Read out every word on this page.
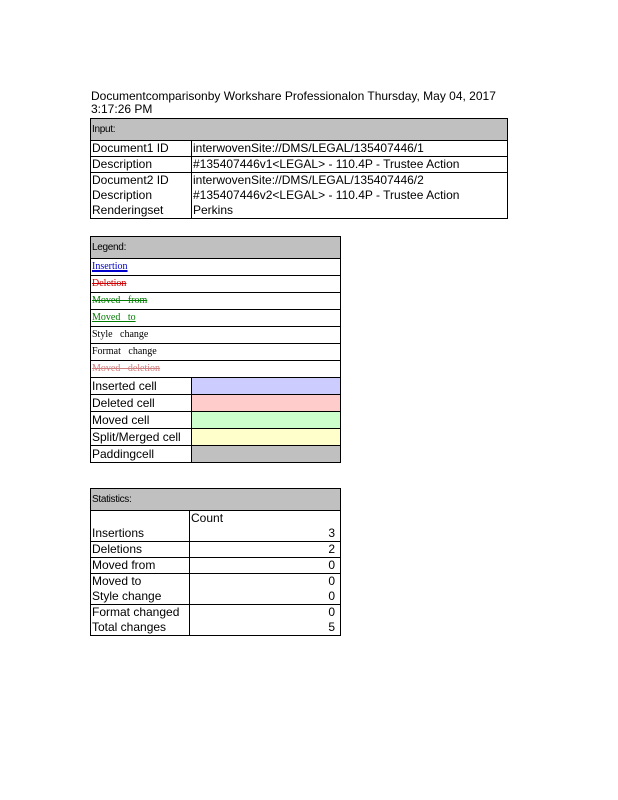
Documentcomparisonby Workshare Professionalon Thursday, May 04, 2017 3:17:26 PM
Input:	
Document1 ID	interwovenSite://DMS/LEGAL/135407446/1
Description	#135407446v1<LEGAL> - 110.4P - Trustee Action
Document2 ID	interwovenSite://DMS/LEGAL/135407446/2
Description	#135407446v2<LEGAL> - 110.4P - Trustee Action
Renderingset	Perkins
Legend:	
Insertion	
Deletion	
Moved   from	
Moved   to	
Style   change	
Format   change	
Moved   deletion	
Inserted cell	
Deleted cell	
Moved cell	
Split/Merged cell	
Paddingcell	
Statistics:	
	Count
Insertions	3
Deletions	2
Moved from	0
Moved to	0
Style change	0
Format changed	0
Total changes	5
